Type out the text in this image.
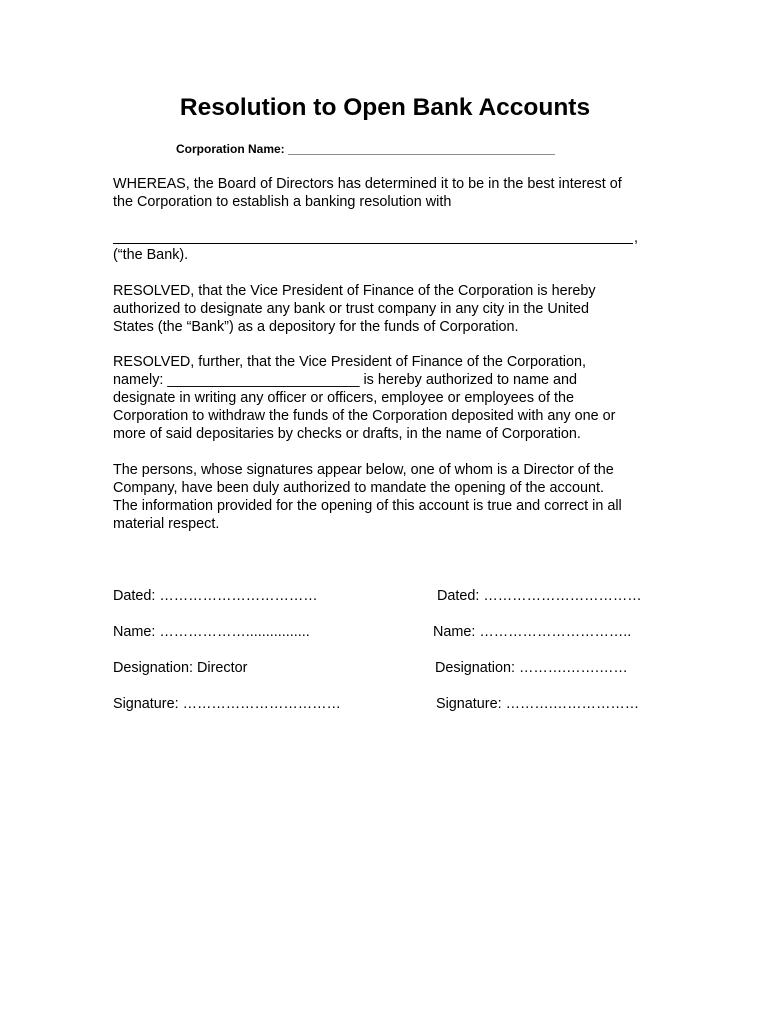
Resolution to Open Bank Accounts
Corporation Name: ________________________________________
WHEREAS, the Board of Directors has determined it to be in the best interest of
the Corporation to establish a banking resolution with
,
(“the Bank).
RESOLVED, that the Vice President of Finance of the Corporation is hereby
authorized to designate any bank or trust company in any city in the United
States (the “Bank”) as a depository for the funds of Corporation.
RESOLVED, further, that the Vice President of Finance of the Corporation,
namely: ________________________ is hereby authorized to name and
designate in writing any officer or officers, employee or employees of the
Corporation to withdraw the funds of the Corporation deposited with any one or
more of said depositaries by checks or drafts, in the name of Corporation.
The persons, whose signatures appear below, one of whom is a Director of the
Company, have been duly authorized to mandate the opening of the account.
The information provided for the opening of this account is true and correct in all
material respect.
Dated: ……………………………	Dated: ……………………………
Name: ………………................	Name: …………………………..
Designation: Director	Designation: ……….…….……
Signature: ……………………………	Signature: ……….………………
